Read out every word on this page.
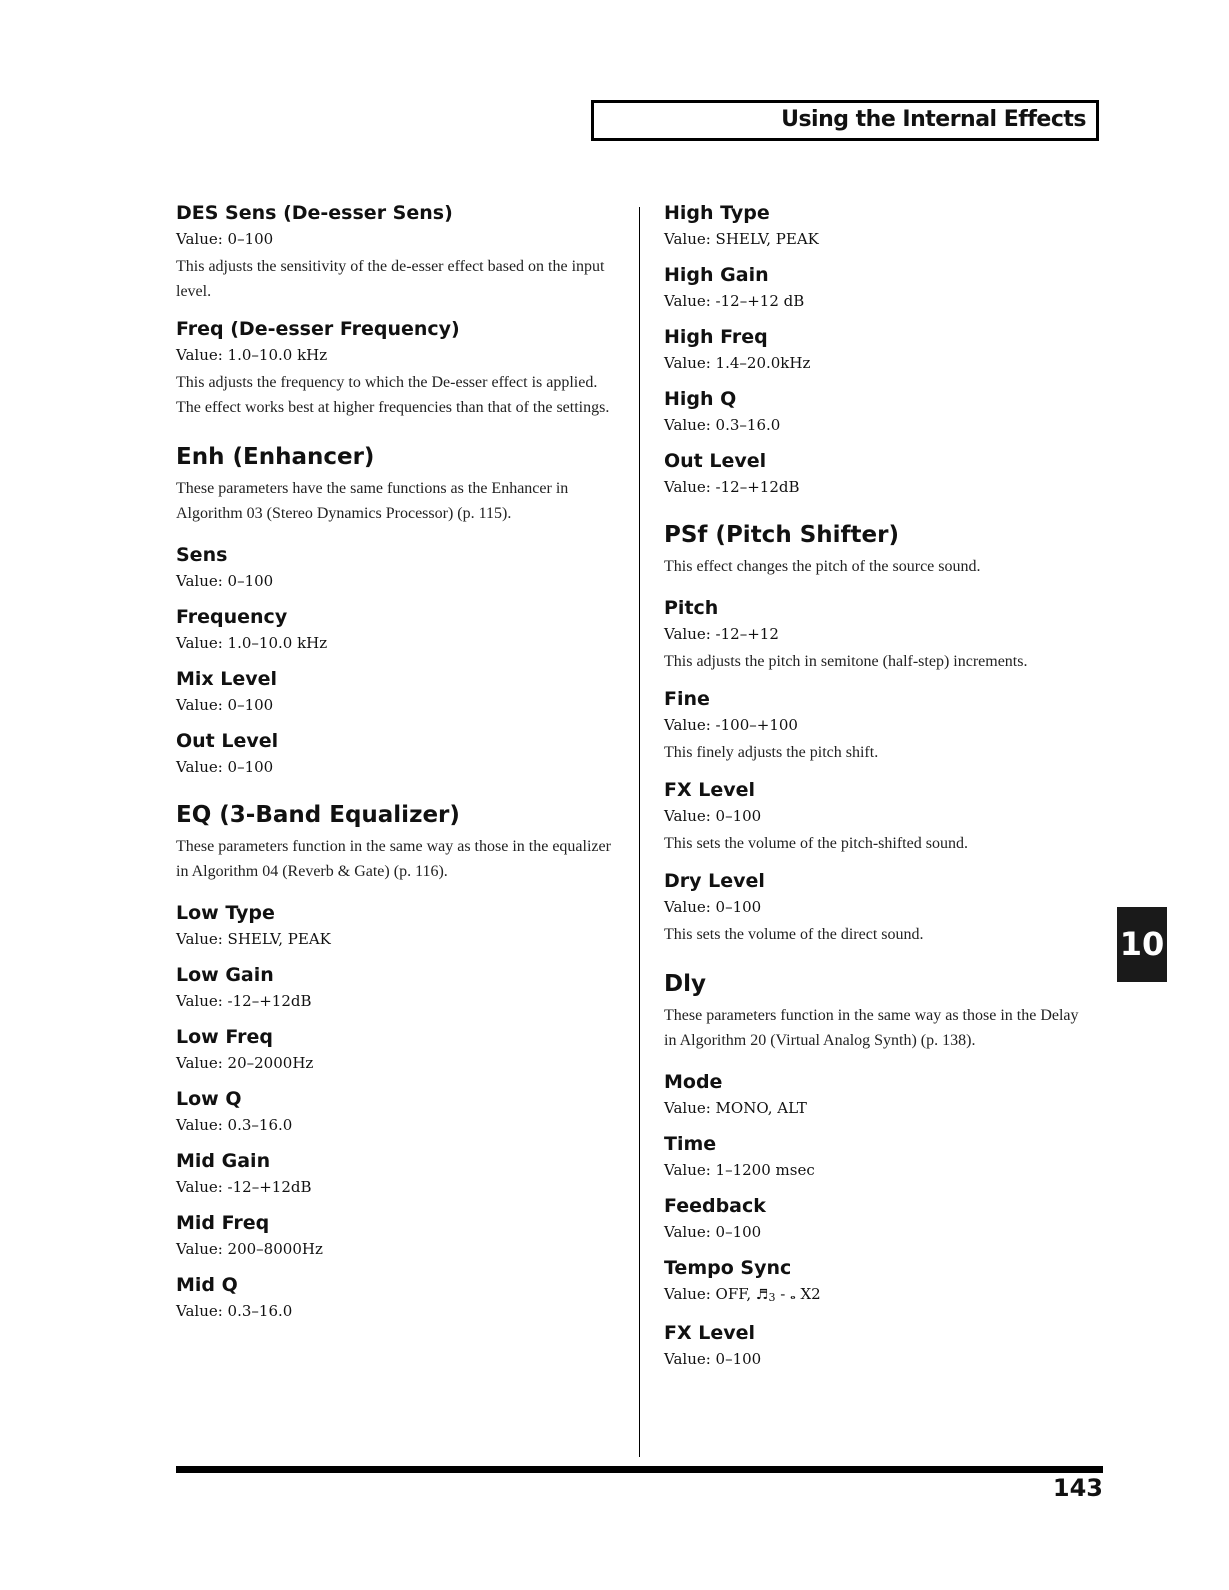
Using the Internal Effects
DES Sens (De-esser Sens)

Value: 0–100

This adjusts the sensitivity of the de-esser effect based on the input level.

Freq (De-esser Frequency)

Value: 1.0–10.0 kHz

This adjusts the frequency to which the De-esser effect is applied. The effect works best at higher frequencies than that of the settings.

Enh (Enhancer)

These parameters have the same functions as the Enhancer in Algorithm 03 (Stereo Dynamics Processor) (p. 115).

Sens

Value: 0–100

Frequency

Value: 1.0–10.0 kHz

Mix Level

Value: 0–100

Out Level

Value: 0–100

EQ (3-Band Equalizer)

These parameters function in the same way as those in the equalizer in Algorithm 04 (Reverb & Gate) (p. 116).

Low Type

Value: SHELV, PEAK

Low Gain

Value: -12–+12dB

Low Freq

Value: 20–2000Hz

Low Q

Value: 0.3–16.0

Mid Gain

Value: -12–+12dB

Mid Freq

Value: 200–8000Hz

Mid Q

Value: 0.3–16.0

High Type

Value: SHELV, PEAK

High Gain

Value: -12–+12 dB

High Freq

Value: 1.4–20.0kHz

High Q

Value: 0.3–16.0

Out Level

Value: -12–+12dB

PSf (Pitch Shifter)

This effect changes the pitch of the source sound.

Pitch

Value: -12–+12

This adjusts the pitch in semitone (half-step) increments.

Fine

Value: -100–+100

This finely adjusts the pitch shift.

FX Level

Value: 0–100

This sets the volume of the pitch-shifted sound.

Dry Level

Value: 0–100

This sets the volume of the direct sound.

Dly

These parameters function in the same way as those in the Delay in Algorithm 20 (Virtual Analog Synth) (p. 138).

Mode

Value: MONO, ALT

Time

Value: 1–1200 msec

Feedback

Value: 0–100

Tempo Sync

Value: OFF, ♬3 - 𝅝 X2

FX Level

Value: 0–100

10
143
